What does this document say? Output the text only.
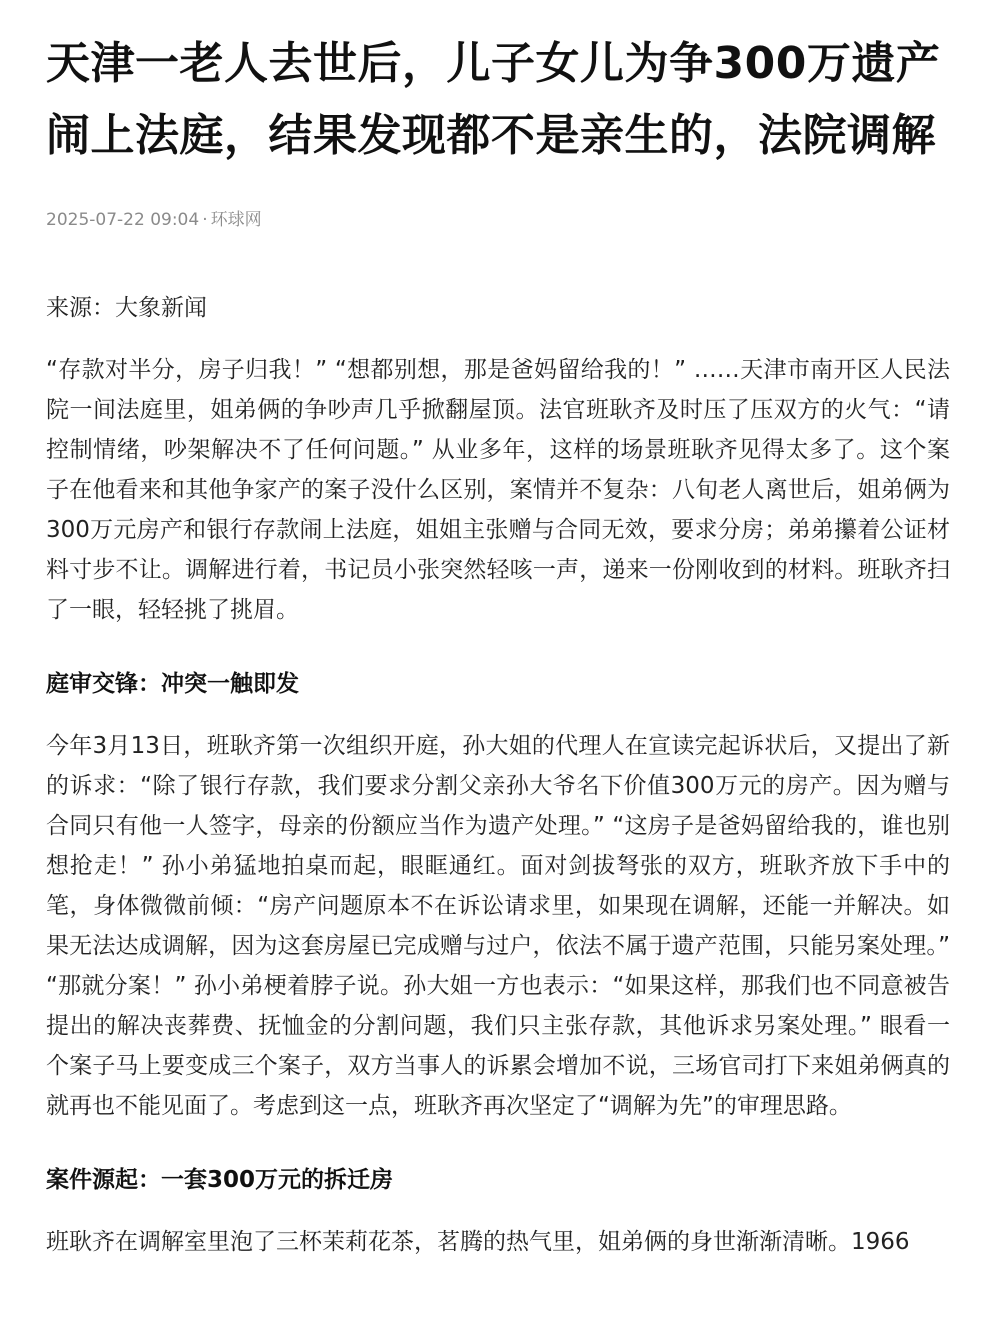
天津一老人去世后，儿子女儿为争300万遗产闹上法庭，结果发现都不是亲生的，法院调解
2025-07-22 09:04 · 环球网
来源：大象新闻

“存款对半分，房子归我！” “想都别想，那是爸妈留给我的！” ……天津市南开区人民法院一间法庭里，姐弟俩的争吵声几乎掀翻屋顶。法官班耿齐及时压了压双方的火气：“请控制情绪，吵架解决不了任何问题。” 从业多年，这样的场景班耿齐见得太多了。这个案子在他看来和其他争家产的案子没什么区别，案情并不复杂：八旬老人离世后，姐弟俩为300万元房产和银行存款闹上法庭，姐姐主张赠与合同无效，要求分房；弟弟攥着公证材料寸步不让。调解进行着，书记员小张突然轻咳一声，递来一份刚收到的材料。班耿齐扫了一眼，轻轻挑了挑眉。

庭审交锋：冲突一触即发

今年3月13日，班耿齐第一次组织开庭，孙大姐的代理人在宣读完起诉状后，又提出了新的诉求：“除了银行存款，我们要求分割父亲孙大爷名下价值300万元的房产。因为赠与合同只有他一人签字，母亲的份额应当作为遗产处理。” “这房子是爸妈留给我的，谁也别想抢走！” 孙小弟猛地拍桌而起，眼眶通红。面对剑拔弩张的双方，班耿齐放下手中的笔，身体微微前倾：“房产问题原本不在诉讼请求里，如果现在调解，还能一并解决。如果无法达成调解，因为这套房屋已完成赠与过户，依法不属于遗产范围，只能另案处理。” “那就分案！” 孙小弟梗着脖子说。孙大姐一方也表示：“如果这样，那我们也不同意被告提出的解决丧葬费、抚恤金的分割问题，我们只主张存款，其他诉求另案处理。” 眼看一个案子马上要变成三个案子，双方当事人的诉累会增加不说，三场官司打下来姐弟俩真的就再也不能见面了。考虑到这一点，班耿齐再次坚定了“调解为先”的审理思路。

案件源起：一套300万元的拆迁房

班耿齐在调解室里泡了三杯茉莉花茶，茗腾的热气里，姐弟俩的身世渐渐清晰。1966
